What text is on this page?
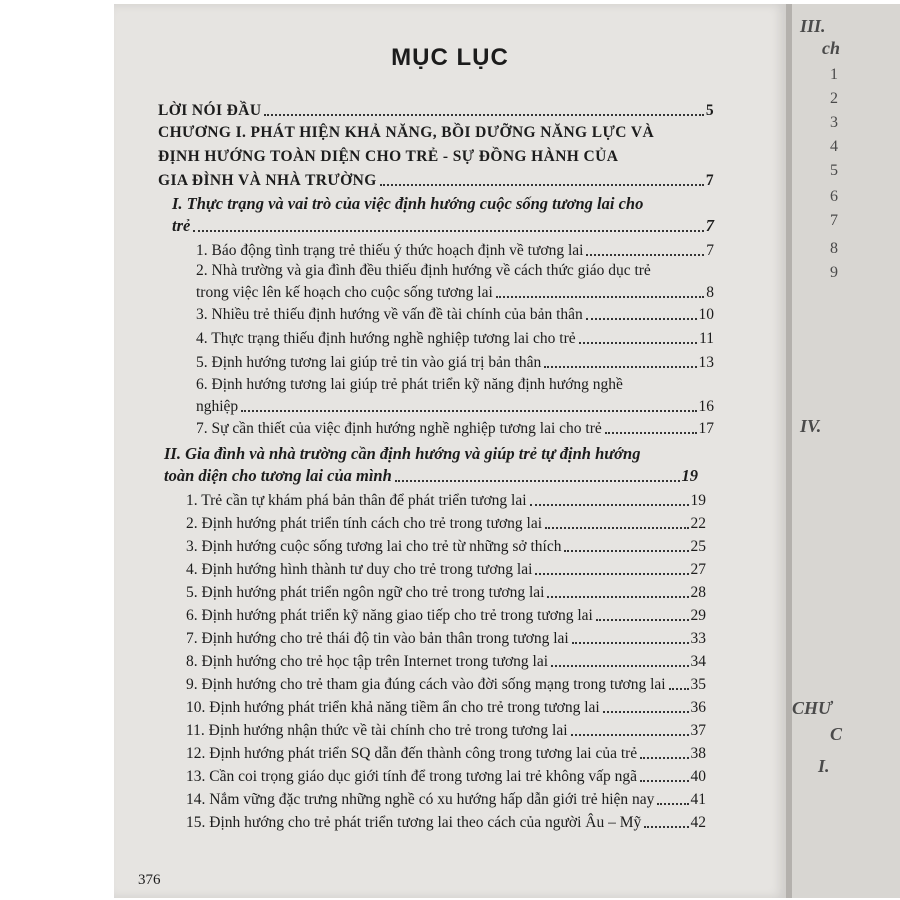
MỤC LỤC
LỜI NÓI ĐẦU	5
CHƯƠNG I. PHÁT HIỆN KHẢ NĂNG, BỒI DƯỠNG NĂNG LỰC VÀ
ĐỊNH HƯỚNG TOÀN DIỆN CHO TRẺ - SỰ ĐỒNG HÀNH CỦA
GIA ĐÌNH VÀ NHÀ TRƯỜNG	7
I. Thực trạng và vai trò của việc định hướng cuộc sống tương lai cho
trẻ	7
1. Báo động tình trạng trẻ thiếu ý thức hoạch định về tương lai	7
2. Nhà trường và gia đình đều thiếu định hướng về cách thức giáo dục trẻ
trong việc lên kế hoạch cho cuộc sống tương lai	8
3. Nhiều trẻ thiếu định hướng về vấn đề tài chính của bản thân	10
4. Thực trạng thiếu định hướng nghề nghiệp tương lai cho trẻ	11
5. Định hướng tương lai giúp trẻ tin vào giá trị bản thân	13
6. Định hướng tương lai giúp trẻ phát triển kỹ năng định hướng nghề
nghiệp	16
7. Sự cần thiết của việc định hướng nghề nghiệp tương lai cho trẻ	17
II. Gia đình và nhà trường cần định hướng và giúp trẻ tự định hướng
toàn diện cho tương lai của mình	19
1. Trẻ cần tự khám phá bản thân để phát triển tương lai	19
2. Định hướng phát triển tính cách cho trẻ trong tương lai	22
3. Định hướng cuộc sống tương lai cho trẻ từ những sở thích	25
4. Định hướng hình thành tư duy cho trẻ trong tương lai	27
5. Định hướng phát triển ngôn ngữ cho trẻ trong tương lai	28
6. Định hướng phát triển kỹ năng giao tiếp cho trẻ trong tương lai	29
7. Định hướng cho trẻ thái độ tin vào bản thân trong tương lai	33
8. Định hướng cho trẻ học tập trên Internet trong tương lai	34
9. Định hướng cho trẻ tham gia đúng cách vào đời sống mạng trong tương lai 35
10. Định hướng phát triển khả năng tiềm ẩn cho trẻ trong tương lai	36
11. Định hướng nhận thức về tài chính cho trẻ trong tương lai	37
12. Định hướng phát triển SQ dẫn đến thành công trong tương lai của trẻ	38
13. Cần coi trọng giáo dục giới tính để trong tương lai trẻ không vấp ngã	40
14. Nắm vững đặc trưng những nghề có xu hướng hấp dẫn giới trẻ hiện nay 41
15. Định hướng cho trẻ phát triển tương lai theo cách của người Âu – Mỹ	42
376
III.
ch
1
2
3
4
5
6
7
8
9
IV.
CHƯ
C
I.
